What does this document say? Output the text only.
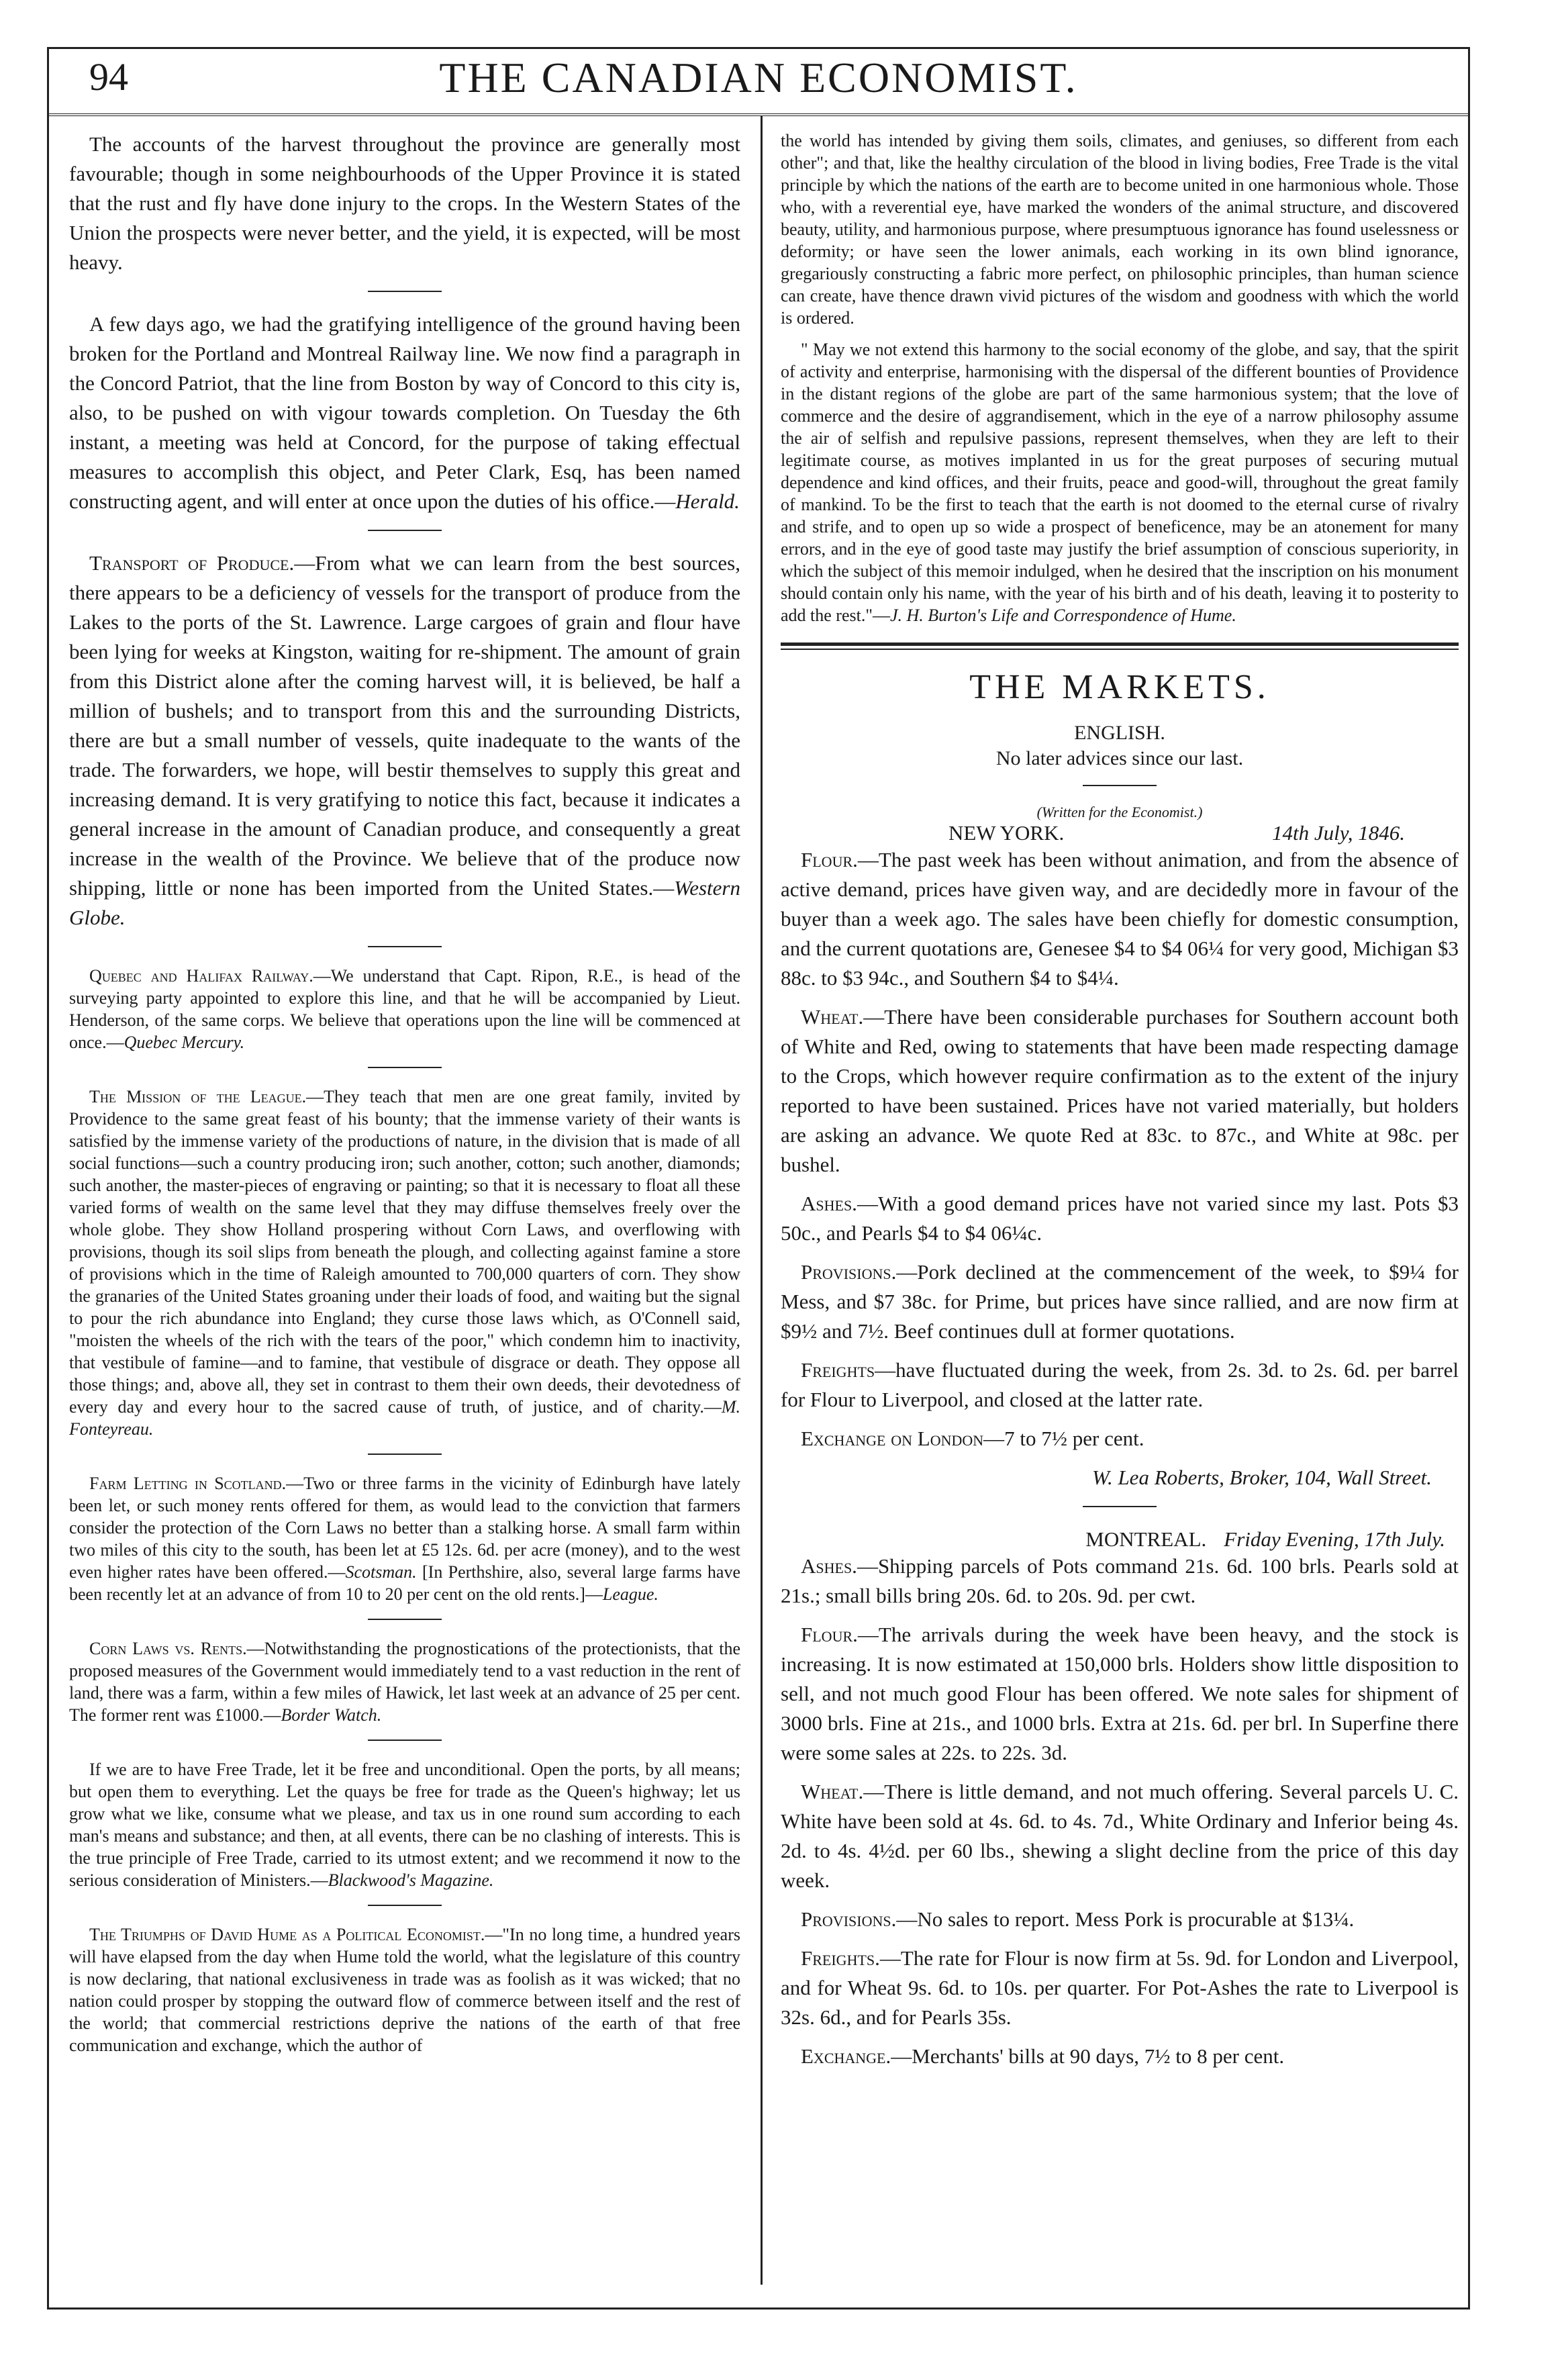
94	THE CANADIAN ECONOMIST.

The accounts of the harvest throughout the province are generally most favourable; though in some neighbourhoods of the Upper Province it is stated that the rust and fly have done injury to the crops. In the Western States of the Union the prospects were never better, and the yield, it is expected, will be most heavy.

A few days ago, we had the gratifying intelligence of the ground having been broken for the Portland and Montreal Railway line. We now find a paragraph in the Concord Patriot, that the line from Boston by way of Concord to this city is, also, to be pushed on with vigour towards completion. On Tuesday the 6th instant, a meeting was held at Concord, for the purpose of taking effectual measures to accomplish this object, and Peter Clark, Esq, has been named constructing agent, and will enter at once upon the duties of his office.—Herald.

Transport of Produce.—From what we can learn from the best sources, there appears to be a deficiency of vessels for the transport of produce from the Lakes to the ports of the St. Lawrence. Large cargoes of grain and flour have been lying for weeks at Kingston, waiting for re-shipment. The amount of grain from this District alone after the coming harvest will, it is believed, be half a million of bushels; and to transport from this and the surrounding Districts, there are but a small number of vessels, quite inadequate to the wants of the trade. The forwarders, we hope, will bestir themselves to supply this great and increasing demand. It is very gratifying to notice this fact, because it indicates a general increase in the amount of Canadian produce, and consequently a great increase in the wealth of the Province. We believe that of the produce now shipping, little or none has been imported from the United States.—Western Globe.

Quebec and Halifax Railway.—We understand that Capt. Ripon, R.E., is head of the surveying party appointed to explore this line, and that he will be accompanied by Lieut. Henderson, of the same corps. We believe that operations upon the line will be commenced at once.—Quebec Mercury.

The Mission of the League.—They teach that men are one great family, invited by Providence to the same great feast of his bounty; that the immense variety of their wants is satisfied by the immense variety of the productions of nature, in the division that is made of all social functions—such a country producing iron; such another, cotton; such another, diamonds; such another, the master-pieces of engraving or painting; so that it is necessary to float all these varied forms of wealth on the same level that they may diffuse themselves freely over the whole globe. They show Holland prospering without Corn Laws, and overflowing with provisions, though its soil slips from beneath the plough, and collecting against famine a store of provisions which in the time of Raleigh amounted to 700,000 quarters of corn. They show the granaries of the United States groaning under their loads of food, and waiting but the signal to pour the rich abundance into England; they curse those laws which, as O'Connell said, "moisten the wheels of the rich with the tears of the poor," which condemn him to inactivity, that vestibule of famine—and to famine, that vestibule of disgrace or death. They oppose all those things; and, above all, they set in contrast to them their own deeds, their devotedness of every day and every hour to the sacred cause of truth, of justice, and of charity.—M. Fonteyreau.

Farm Letting in Scotland.—Two or three farms in the vicinity of Edinburgh have lately been let, or such money rents offered for them, as would lead to the conviction that farmers consider the protection of the Corn Laws no better than a stalking horse. A small farm within two miles of this city to the south, has been let at £5 12s. 6d. per acre (money), and to the west even higher rates have been offered.—Scotsman. [In Perthshire, also, several large farms have been recently let at an advance of from 10 to 20 per cent on the old rents.]—League.

Corn Laws vs. Rents.—Notwithstanding the prognostications of the protectionists, that the proposed measures of the Government would immediately tend to a vast reduction in the rent of land, there was a farm, within a few miles of Hawick, let last week at an advance of 25 per cent. The former rent was £1000.—Border Watch.

If we are to have Free Trade, let it be free and unconditional. Open the ports, by all means; but open them to everything. Let the quays be free for trade as the Queen's highway; let us grow what we like, consume what we please, and tax us in one round sum according to each man's means and substance; and then, at all events, there can be no clashing of interests. This is the true principle of Free Trade, carried to its utmost extent; and we recommend it now to the serious consideration of Ministers.—Blackwood's Magazine.

The Triumphs of David Hume as a Political Economist.—"In no long time, a hundred years will have elapsed from the day when Hume told the world, what the legislature of this country is now declaring, that national exclusiveness in trade was as foolish as it was wicked; that no nation could prosper by stopping the outward flow of commerce between itself and the rest of the world; that commercial restrictions deprive the nations of the earth of that free communication and exchange, which the author of

the world has intended by giving them soils, climates, and geniuses, so different from each other"; and that, like the healthy circulation of the blood in living bodies, Free Trade is the vital principle by which the nations of the earth are to become united in one harmonious whole. Those who, with a reverential eye, have marked the wonders of the animal structure, and discovered beauty, utility, and harmonious purpose, where presumptuous ignorance has found uselessness or deformity; or have seen the lower animals, each working in its own blind ignorance, gregariously constructing a fabric more perfect, on philosophic principles, than human science can create, have thence drawn vivid pictures of the wisdom and goodness with which the world is ordered.

" May we not extend this harmony to the social economy of the globe, and say, that the spirit of activity and enterprise, harmonising with the dispersal of the different bounties of Providence in the distant regions of the globe are part of the same harmonious system; that the love of commerce and the desire of aggrandisement, which in the eye of a narrow philosophy assume the air of selfish and repulsive passions, represent themselves, when they are left to their legitimate course, as motives implanted in us for the great purposes of securing mutual dependence and kind offices, and their fruits, peace and good-will, throughout the great family of mankind. To be the first to teach that the earth is not doomed to the eternal curse of rivalry and strife, and to open up so wide a prospect of beneficence, may be an atonement for many errors, and in the eye of good taste may justify the brief assumption of conscious superiority, in which the subject of this memoir indulged, when he desired that the inscription on his monument should contain only his name, with the year of his birth and of his death, leaving it to posterity to add the rest."—J. H. Burton's Life and Correspondence of Hume.

THE MARKETS.
ENGLISH.
No later advices since our last.
(Written for the Economist.)
NEW YORK.	14th July, 1846.

Flour.—The past week has been without animation, and from the absence of active demand, prices have given way, and are decidedly more in favour of the buyer than a week ago. The sales have been chiefly for domestic consumption, and the current quotations are, Genesee $4 to $4 06¼ for very good, Michigan $3 88c. to $3 94c., and Southern $4 to $4¼.

Wheat.—There have been considerable purchases for Southern account both of White and Red, owing to statements that have been made respecting damage to the Crops, which however require confirmation as to the extent of the injury reported to have been sustained. Prices have not varied materially, but holders are asking an advance. We quote Red at 83c. to 87c., and White at 98c. per bushel.

Ashes.—With a good demand prices have not varied since my last. Pots $3 50c., and Pearls $4 to $4 06¼c.

Provisions.—Pork declined at the commencement of the week, to $9¼ for Mess, and $7 38c. for Prime, but prices have since rallied, and are now firm at $9½ and 7½. Beef continues dull at former quotations.

Freights—have fluctuated during the week, from 2s. 3d. to 2s. 6d. per barrel for Flour to Liverpool, and closed at the latter rate.

Exchange on London—7 to 7½ per cent.

W. Lea Roberts, Broker, 104, Wall Street.
MONTREAL. Friday Evening, 17th July.

Ashes.—Shipping parcels of Pots command 21s. 6d. 100 brls. Pearls sold at 21s.; small bills bring 20s. 6d. to 20s. 9d. per cwt.

Flour.—The arrivals during the week have been heavy, and the stock is increasing. It is now estimated at 150,000 brls. Holders show little disposition to sell, and not much good Flour has been offered. We note sales for shipment of 3000 brls. Fine at 21s., and 1000 brls. Extra at 21s. 6d. per brl. In Superfine there were some sales at 22s. to 22s. 3d.

Wheat.—There is little demand, and not much offering. Several parcels U. C. White have been sold at 4s. 6d. to 4s. 7d., White Ordinary and Inferior being 4s. 2d. to 4s. 4½d. per 60 lbs., shewing a slight decline from the price of this day week.

Provisions.—No sales to report. Mess Pork is procurable at $13¼.

Freights.—The rate for Flour is now firm at 5s. 9d. for London and Liverpool, and for Wheat 9s. 6d. to 10s. per quarter. For Pot-Ashes the rate to Liverpool is 32s. 6d., and for Pearls 35s.

Exchange.—Merchants' bills at 90 days, 7½ to 8 per cent.
